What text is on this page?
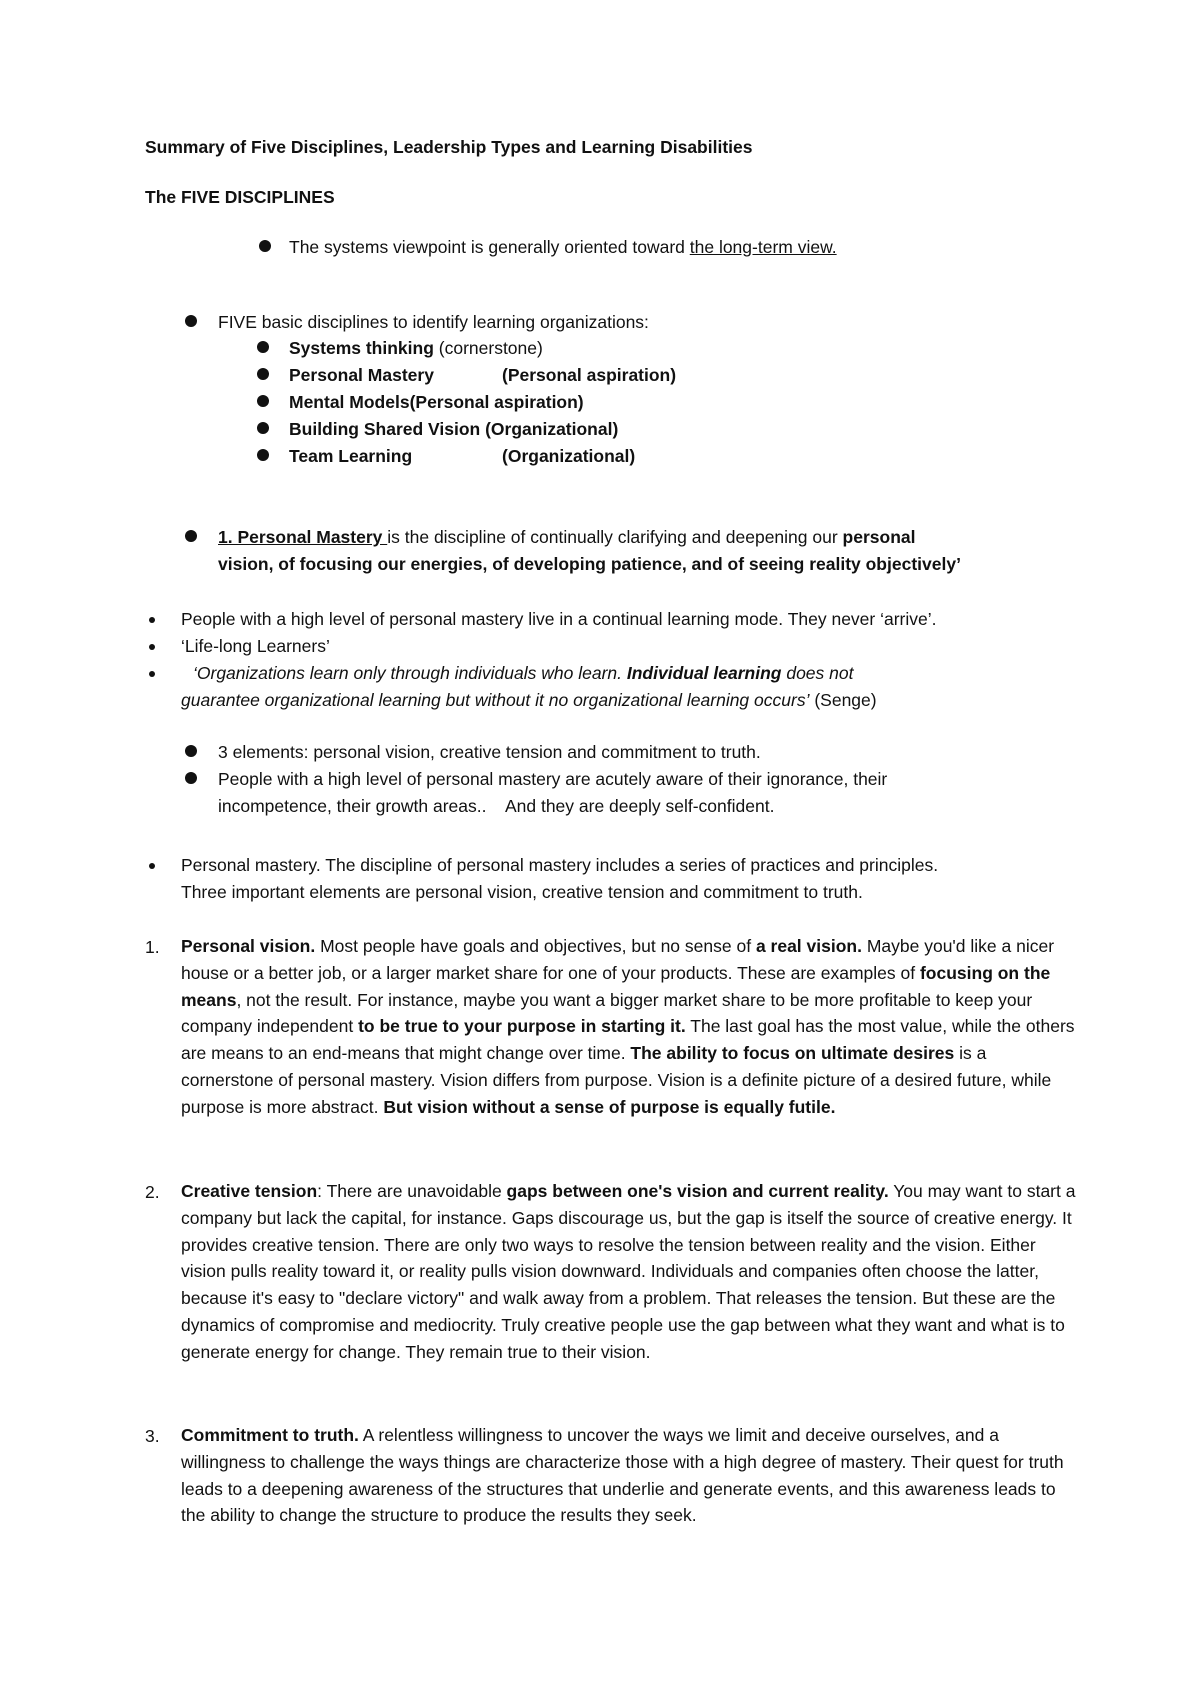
Summary of Five Disciplines, Leadership Types and Learning Disabilities
The FIVE DISCIPLINES
The systems viewpoint is generally oriented toward the long-term view.
FIVE basic disciplines to identify learning organizations:
Systems thinking (cornerstone)
Personal Mastery	(Personal aspiration)
Mental Models(Personal aspiration)
Building Shared Vision (Organizational)
Team Learning	(Organizational)
1. Personal Mastery is the discipline of continually clarifying and deepening our personal
vision, of focusing our energies, of developing patience, and of seeing reality objectively’
People with a high level of personal mastery live in a continual learning mode. They never ‘arrive’.
‘Life-long Learners’
‘Organizations learn only through individuals who learn. Individual learning does not
guarantee organizational learning but without it no organizational learning occurs’ (Senge)
3 elements: personal vision, creative tension and commitment to truth.
People with a high level of personal mastery are acutely aware of their ignorance, their
incompetence, their growth areas..    And they are deeply self-confident.
Personal mastery. The discipline of personal mastery includes a series of practices and principles.
Three important elements are personal vision, creative tension and commitment to truth.
1. Personal vision. Most people have goals and objectives, but no sense of a real vision. Maybe you'd like a nicer house or a better job, or a larger market share for one of your products. These are examples of focusing on the means, not the result. For instance, maybe you want a bigger market share to be more profitable to keep your company independent to be true to your purpose in starting it. The last goal has the most value, while the others are means to an end-means that might change over time. The ability to focus on ultimate desires is a cornerstone of personal mastery. Vision differs from purpose. Vision is a definite picture of a desired future, while purpose is more abstract. But vision without a sense of purpose is equally futile.
2. Creative tension: There are unavoidable gaps between one's vision and current reality. You may want to start a company but lack the capital, for instance. Gaps discourage us, but the gap is itself the source of creative energy. It provides creative tension. There are only two ways to resolve the tension between reality and the vision. Either vision pulls reality toward it, or reality pulls vision downward. Individuals and companies often choose the latter, because it's easy to "declare victory" and walk away from a problem. That releases the tension. But these are the dynamics of compromise and mediocrity. Truly creative people use the gap between what they want and what is to generate energy for change. They remain true to their vision.
3. Commitment to truth. A relentless willingness to uncover the ways we limit and deceive ourselves, and a willingness to challenge the ways things are characterize those with a high degree of mastery. Their quest for truth leads to a deepening awareness of the structures that underlie and generate events, and this awareness leads to the ability to change the structure to produce the results they seek.
